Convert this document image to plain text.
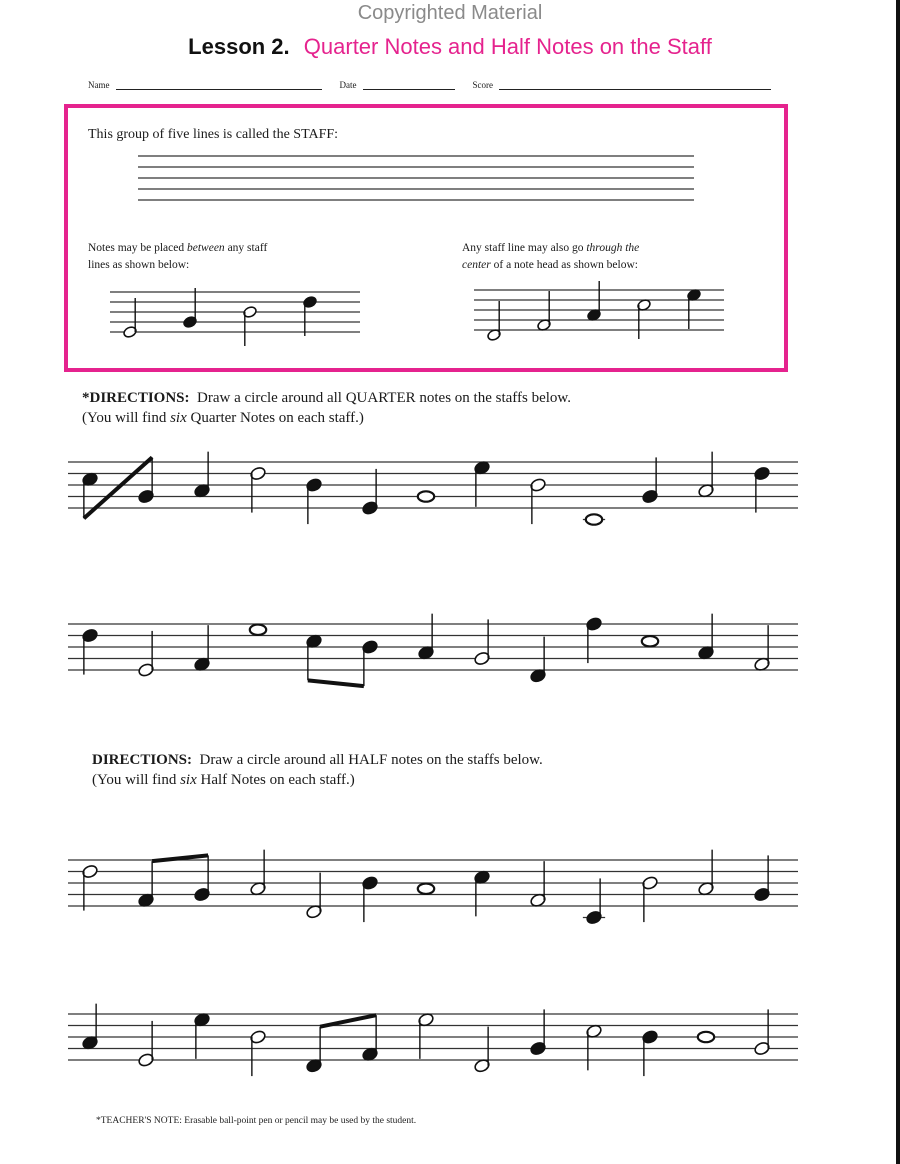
Copyrighted Material
Lesson 2. Quarter Notes and Half Notes on the Staff
Name	Date	Score
This group of five lines is called the STAFF:
Notes may be placed between any staff
lines as shown below:
Any staff line may also go through the
center of a note head as shown below:
*DIRECTIONS: Draw a circle around all QUARTER notes on the staffs below.
(You will find six Quarter Notes on each staff.)
DIRECTIONS: Draw a circle around all HALF notes on the staffs below.
(You will find six Half Notes on each staff.)
*TEACHER'S NOTE: Erasable ball-point pen or pencil may be used by the student.
